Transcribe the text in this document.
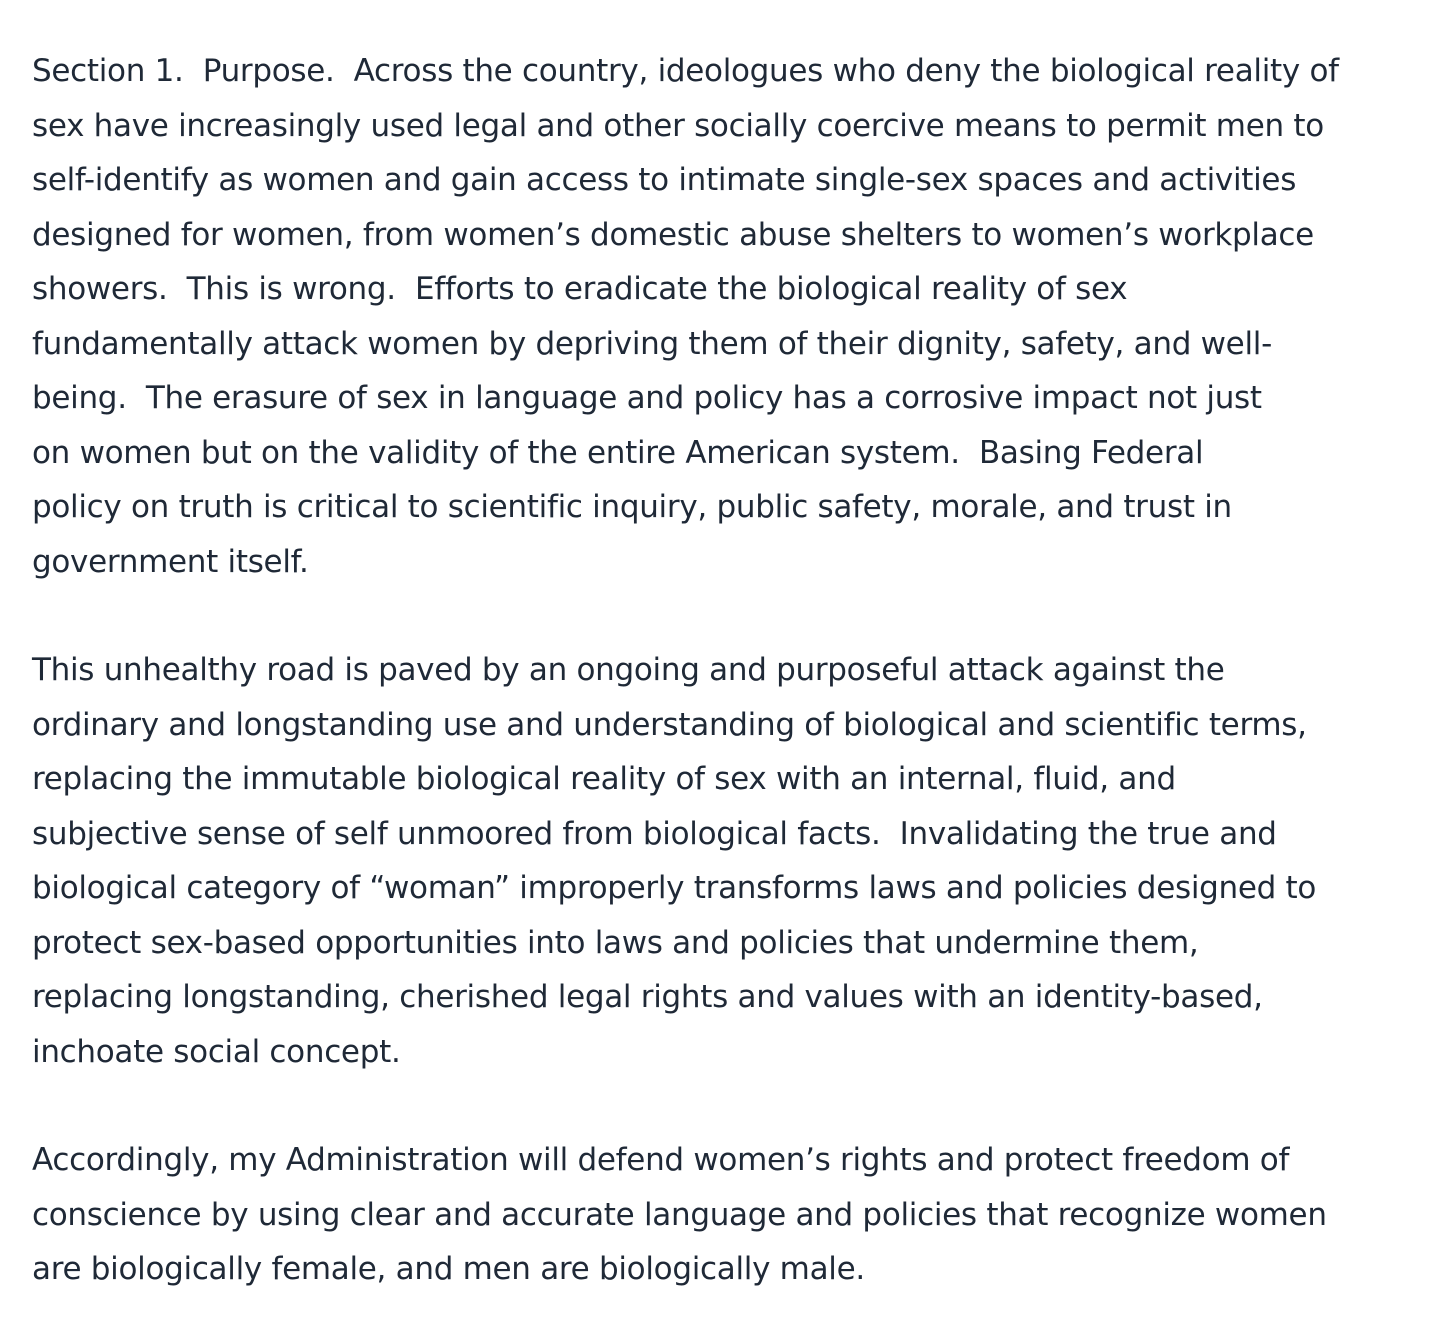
Section 1.  Purpose.  Across the country, ideologues who deny the biological reality of
sex have increasingly used legal and other socially coercive means to permit men to
self-identify as women and gain access to intimate single-sex spaces and activities
designed for women, from women’s domestic abuse shelters to women’s workplace
showers.  This is wrong.  Efforts to eradicate the biological reality of sex
fundamentally attack women by depriving them of their dignity, safety, and well-
being.  The erasure of sex in language and policy has a corrosive impact not just
on women but on the validity of the entire American system.  Basing Federal
policy on truth is critical to scientific inquiry, public safety, morale, and trust in
government itself.

This unhealthy road is paved by an ongoing and purposeful attack against the
ordinary and longstanding use and understanding of biological and scientific terms,
replacing the immutable biological reality of sex with an internal, fluid, and
subjective sense of self unmoored from biological facts.  Invalidating the true and
biological category of “woman” improperly transforms laws and policies designed to
protect sex-based opportunities into laws and policies that undermine them,
replacing longstanding, cherished legal rights and values with an identity-based,
inchoate social concept.

Accordingly, my Administration will defend women’s rights and protect freedom of
conscience by using clear and accurate language and policies that recognize women
are biologically female, and men are biologically male.
